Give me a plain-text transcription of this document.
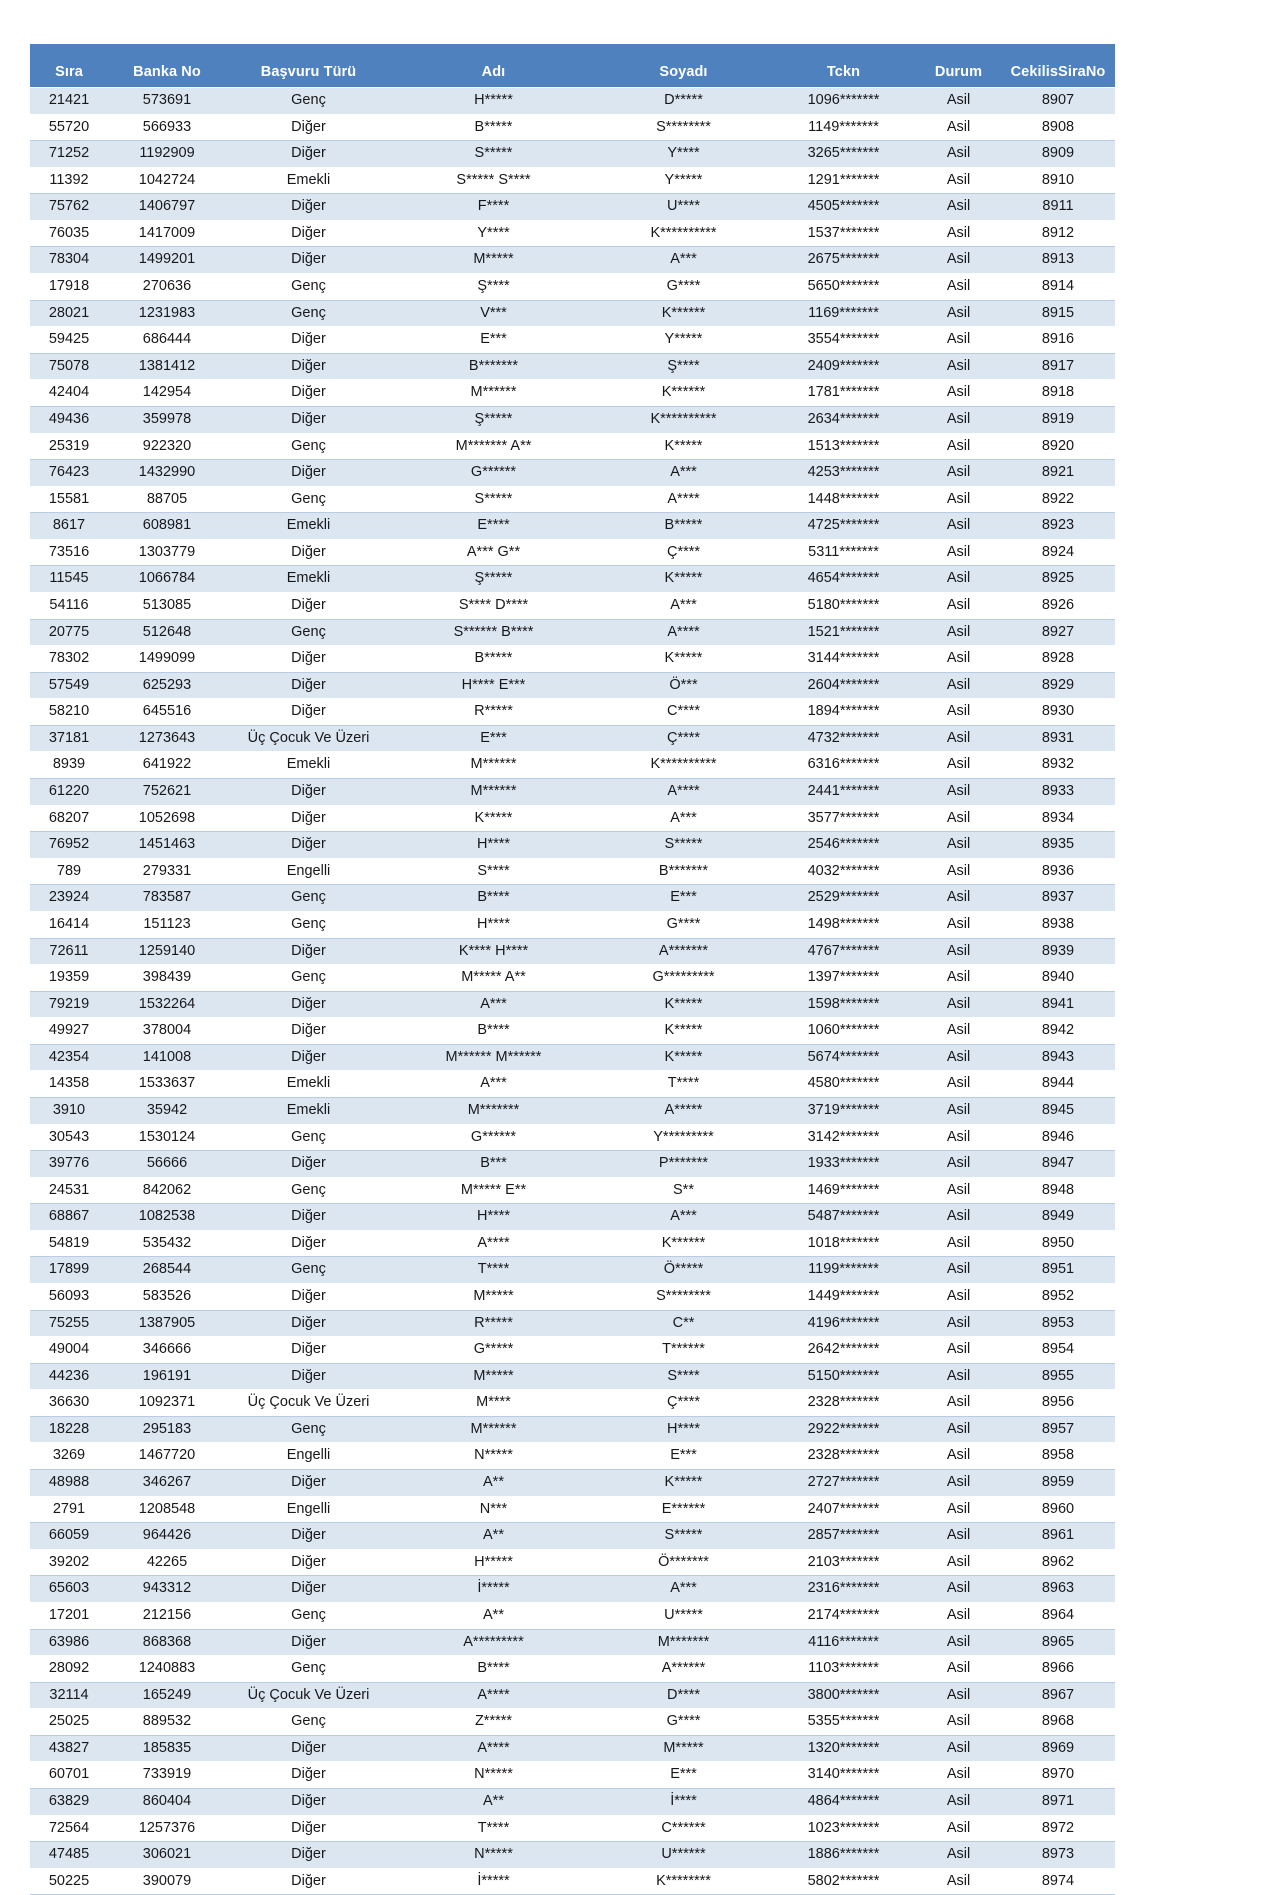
Sıra	Banka No	Başvuru Türü	Adı	Soyadı	Tckn	Durum	CekilisSiraNo
21421	573691	Genç	H*****	D*****	1096*******	Asil	8907
55720	566933	Diğer	B*****	S********	1149*******	Asil	8908
71252	1192909	Diğer	S*****	Y****	3265*******	Asil	8909
11392	1042724	Emekli	S***** S****	Y*****	1291*******	Asil	8910
75762	1406797	Diğer	F****	U****	4505*******	Asil	8911
76035	1417009	Diğer	Y****	K**********	1537*******	Asil	8912
78304	1499201	Diğer	M*****	A***	2675*******	Asil	8913
17918	270636	Genç	Ş****	G****	5650*******	Asil	8914
28021	1231983	Genç	V***	K******	1169*******	Asil	8915
59425	686444	Diğer	E***	Y*****	3554*******	Asil	8916
75078	1381412	Diğer	B*******	Ş****	2409*******	Asil	8917
42404	142954	Diğer	M******	K******	1781*******	Asil	8918
49436	359978	Diğer	Ş*****	K**********	2634*******	Asil	8919
25319	922320	Genç	M******* A**	K*****	1513*******	Asil	8920
76423	1432990	Diğer	G******	A***	4253*******	Asil	8921
15581	88705	Genç	S*****	A****	1448*******	Asil	8922
8617	608981	Emekli	E****	B*****	4725*******	Asil	8923
73516	1303779	Diğer	A*** G**	Ç****	5311*******	Asil	8924
11545	1066784	Emekli	Ş*****	K*****	4654*******	Asil	8925
54116	513085	Diğer	S**** D****	A***	5180*******	Asil	8926
20775	512648	Genç	S****** B****	A****	1521*******	Asil	8927
78302	1499099	Diğer	B*****	K*****	3144*******	Asil	8928
57549	625293	Diğer	H**** E***	Ö***	2604*******	Asil	8929
58210	645516	Diğer	R*****	C****	1894*******	Asil	8930
37181	1273643	Üç Çocuk Ve Üzeri	E***	Ç****	4732*******	Asil	8931
8939	641922	Emekli	M******	K**********	6316*******	Asil	8932
61220	752621	Diğer	M******	A****	2441*******	Asil	8933
68207	1052698	Diğer	K*****	A***	3577*******	Asil	8934
76952	1451463	Diğer	H****	S*****	2546*******	Asil	8935
789	279331	Engelli	S****	B*******	4032*******	Asil	8936
23924	783587	Genç	B****	E***	2529*******	Asil	8937
16414	151123	Genç	H****	G****	1498*******	Asil	8938
72611	1259140	Diğer	K**** H****	A*******	4767*******	Asil	8939
19359	398439	Genç	M***** A**	G*********	1397*******	Asil	8940
79219	1532264	Diğer	A***	K*****	1598*******	Asil	8941
49927	378004	Diğer	B****	K*****	1060*******	Asil	8942
42354	141008	Diğer	M****** M******	K*****	5674*******	Asil	8943
14358	1533637	Emekli	A***	T****	4580*******	Asil	8944
3910	35942	Emekli	M*******	A*****	3719*******	Asil	8945
30543	1530124	Genç	G******	Y*********	3142*******	Asil	8946
39776	56666	Diğer	B***	P*******	1933*******	Asil	8947
24531	842062	Genç	M***** E**	S**	1469*******	Asil	8948
68867	1082538	Diğer	H****	A***	5487*******	Asil	8949
54819	535432	Diğer	A****	K******	1018*******	Asil	8950
17899	268544	Genç	T****	Ö*****	1199*******	Asil	8951
56093	583526	Diğer	M*****	S********	1449*******	Asil	8952
75255	1387905	Diğer	R*****	C**	4196*******	Asil	8953
49004	346666	Diğer	G*****	T******	2642*******	Asil	8954
44236	196191	Diğer	M*****	S****	5150*******	Asil	8955
36630	1092371	Üç Çocuk Ve Üzeri	M****	Ç****	2328*******	Asil	8956
18228	295183	Genç	M******	H****	2922*******	Asil	8957
3269	1467720	Engelli	N*****	E***	2328*******	Asil	8958
48988	346267	Diğer	A**	K*****	2727*******	Asil	8959
2791	1208548	Engelli	N***	E******	2407*******	Asil	8960
66059	964426	Diğer	A**	S*****	2857*******	Asil	8961
39202	42265	Diğer	H*****	Ö*******	2103*******	Asil	8962
65603	943312	Diğer	İ*****	A***	2316*******	Asil	8963
17201	212156	Genç	A**	U*****	2174*******	Asil	8964
63986	868368	Diğer	A*********	M*******	4116*******	Asil	8965
28092	1240883	Genç	B****	A******	1103*******	Asil	8966
32114	165249	Üç Çocuk Ve Üzeri	A****	D****	3800*******	Asil	8967
25025	889532	Genç	Z*****	G****	5355*******	Asil	8968
43827	185835	Diğer	A****	M*****	1320*******	Asil	8969
60701	733919	Diğer	N*****	E***	3140*******	Asil	8970
63829	860404	Diğer	A**	İ****	4864*******	Asil	8971
72564	1257376	Diğer	T****	C******	1023*******	Asil	8972
47485	306021	Diğer	N*****	U******	1886*******	Asil	8973
50225	390079	Diğer	İ*****	K********	5802*******	Asil	8974
